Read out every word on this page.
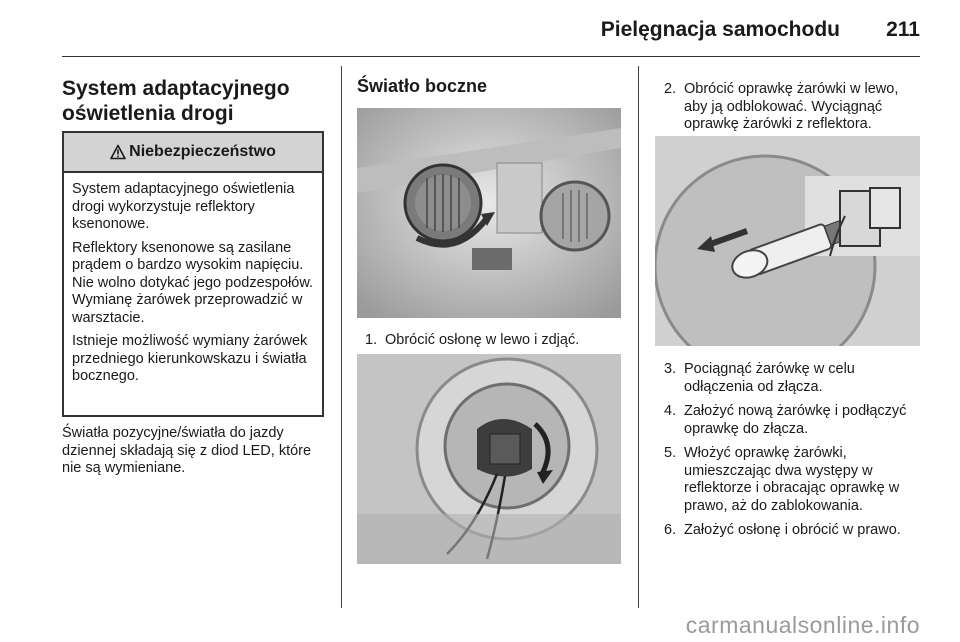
Pielęgnacja samochodu 211
System adaptacyjnego
oświetlenia drogi
Niebezpieczeństwo

System adaptacyjnego oświetlenia drogi wykorzystuje reflektory ksenonowe.

Reflektory ksenonowe są zasilane prądem o bardzo wysokim napięciu. Nie wolno dotykać jego podzespołów. Wymianę żarówek przeprowadzić w warsztacie.

Istnieje możliwość wymiany żarówek przedniego kierunkowskazu i światła bocznego.

Światła pozycyjne/światła do jazdy dziennej składają się z diod LED, które nie są wymieniane.

Światło boczne
1. Obrócić osłonę w lewo i zdjąć.
2. Obrócić oprawkę żarówki w lewo, aby ją odblokować. Wyciągnąć oprawkę żarówki z reflektora.
3. Pociągnąć żarówkę w celu odłączenia od złącza.
4. Założyć nową żarówkę i podłączyć oprawkę do złącza.
5. Włożyć oprawkę żarówki, umieszczając dwa występy w reflektorze i obracając oprawkę w prawo, aż do zablokowania.
6. Założyć osłonę i obrócić w prawo.
carmanualsonline.info
